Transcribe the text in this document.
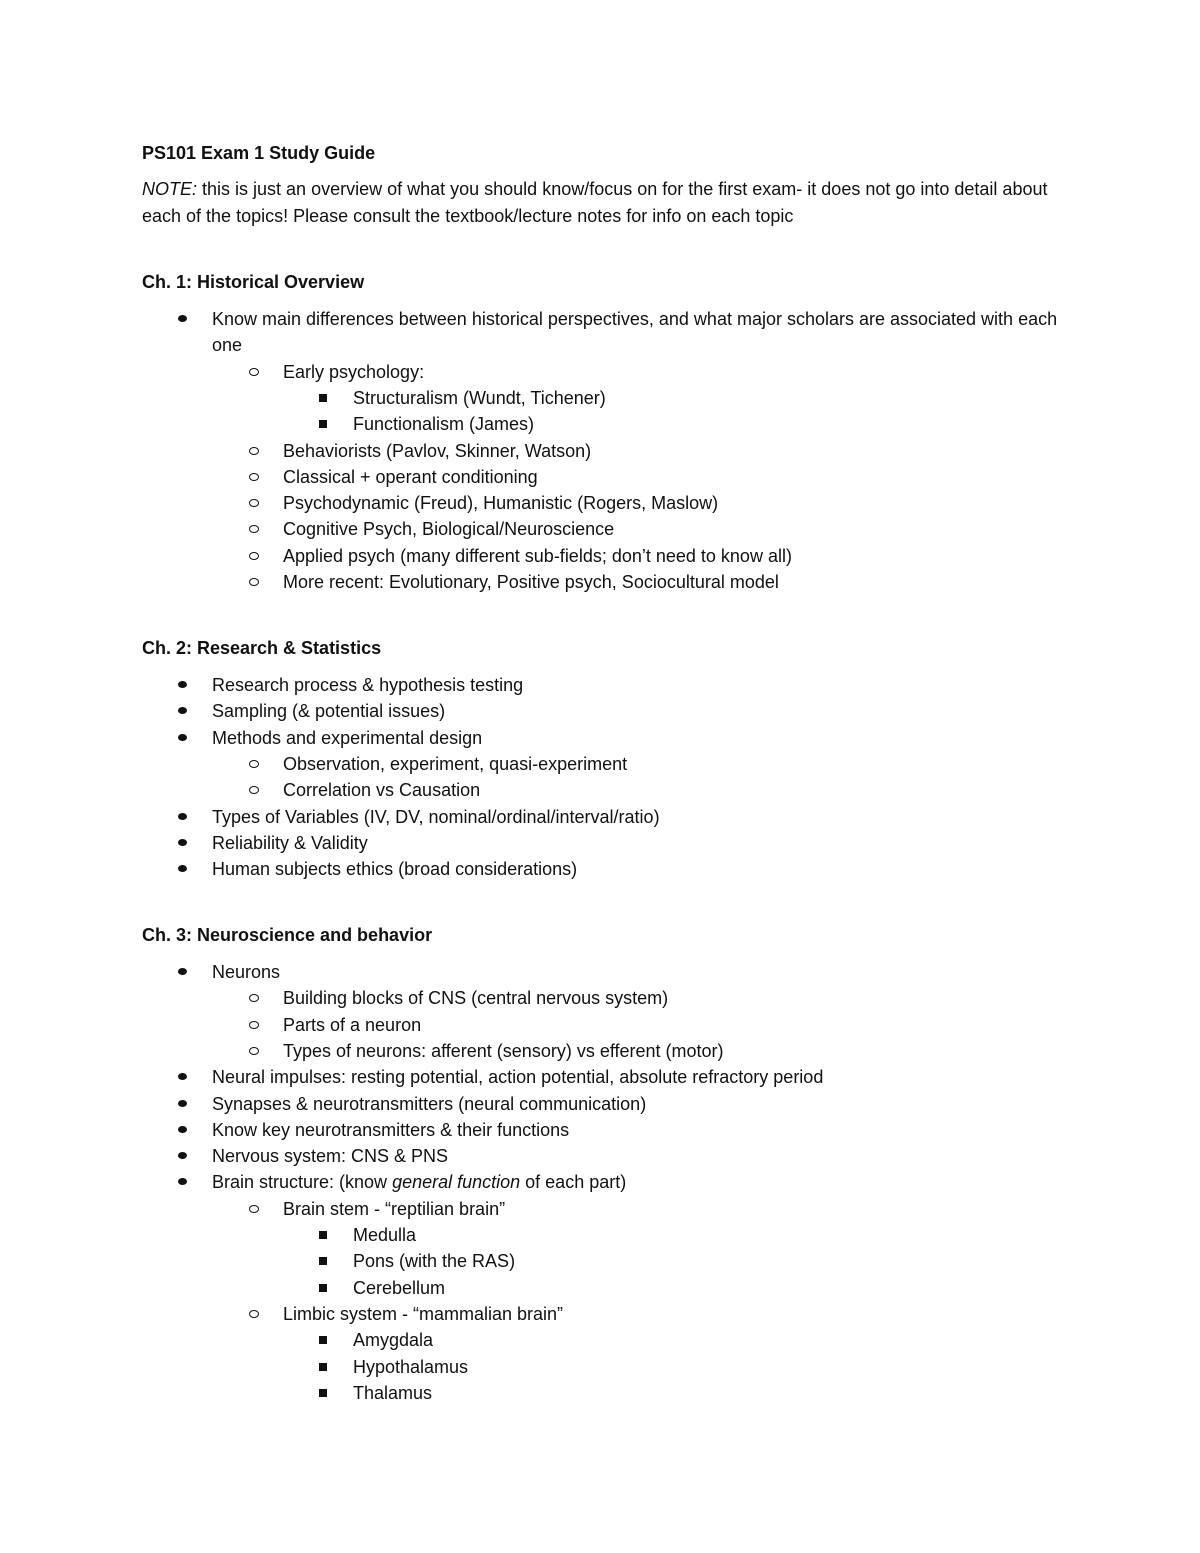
PS101 Exam 1 Study Guide
NOTE: this is just an overview of what you should know/focus on for the first exam- it does not go into detail about each of the topics! Please consult the textbook/lecture notes for info on each topic
Ch. 1: Historical Overview
Know main differences between historical perspectives, and what major scholars are associated with each one
Early psychology:
Structuralism (Wundt, Tichener)
Functionalism (James)
Behaviorists (Pavlov, Skinner, Watson)
Classical + operant conditioning
Psychodynamic (Freud), Humanistic (Rogers, Maslow)
Cognitive Psych, Biological/Neuroscience
Applied psych (many different sub-fields; don’t need to know all)
More recent: Evolutionary, Positive psych, Sociocultural model
Ch. 2: Research & Statistics
Research process & hypothesis testing
Sampling (& potential issues)
Methods and experimental design
Observation, experiment, quasi-experiment
Correlation vs Causation
Types of Variables (IV, DV, nominal/ordinal/interval/ratio)
Reliability & Validity
Human subjects ethics (broad considerations)
Ch. 3: Neuroscience and behavior
Neurons
Building blocks of CNS (central nervous system)
Parts of a neuron
Types of neurons: afferent (sensory) vs efferent (motor)
Neural impulses: resting potential, action potential, absolute refractory period
Synapses & neurotransmitters (neural communication)
Know key neurotransmitters & their functions
Nervous system: CNS & PNS
Brain structure: (know general function of each part)
Brain stem - “reptilian brain”
Medulla
Pons (with the RAS)
Cerebellum
Limbic system - “mammalian brain”
Amygdala
Hypothalamus
Thalamus
